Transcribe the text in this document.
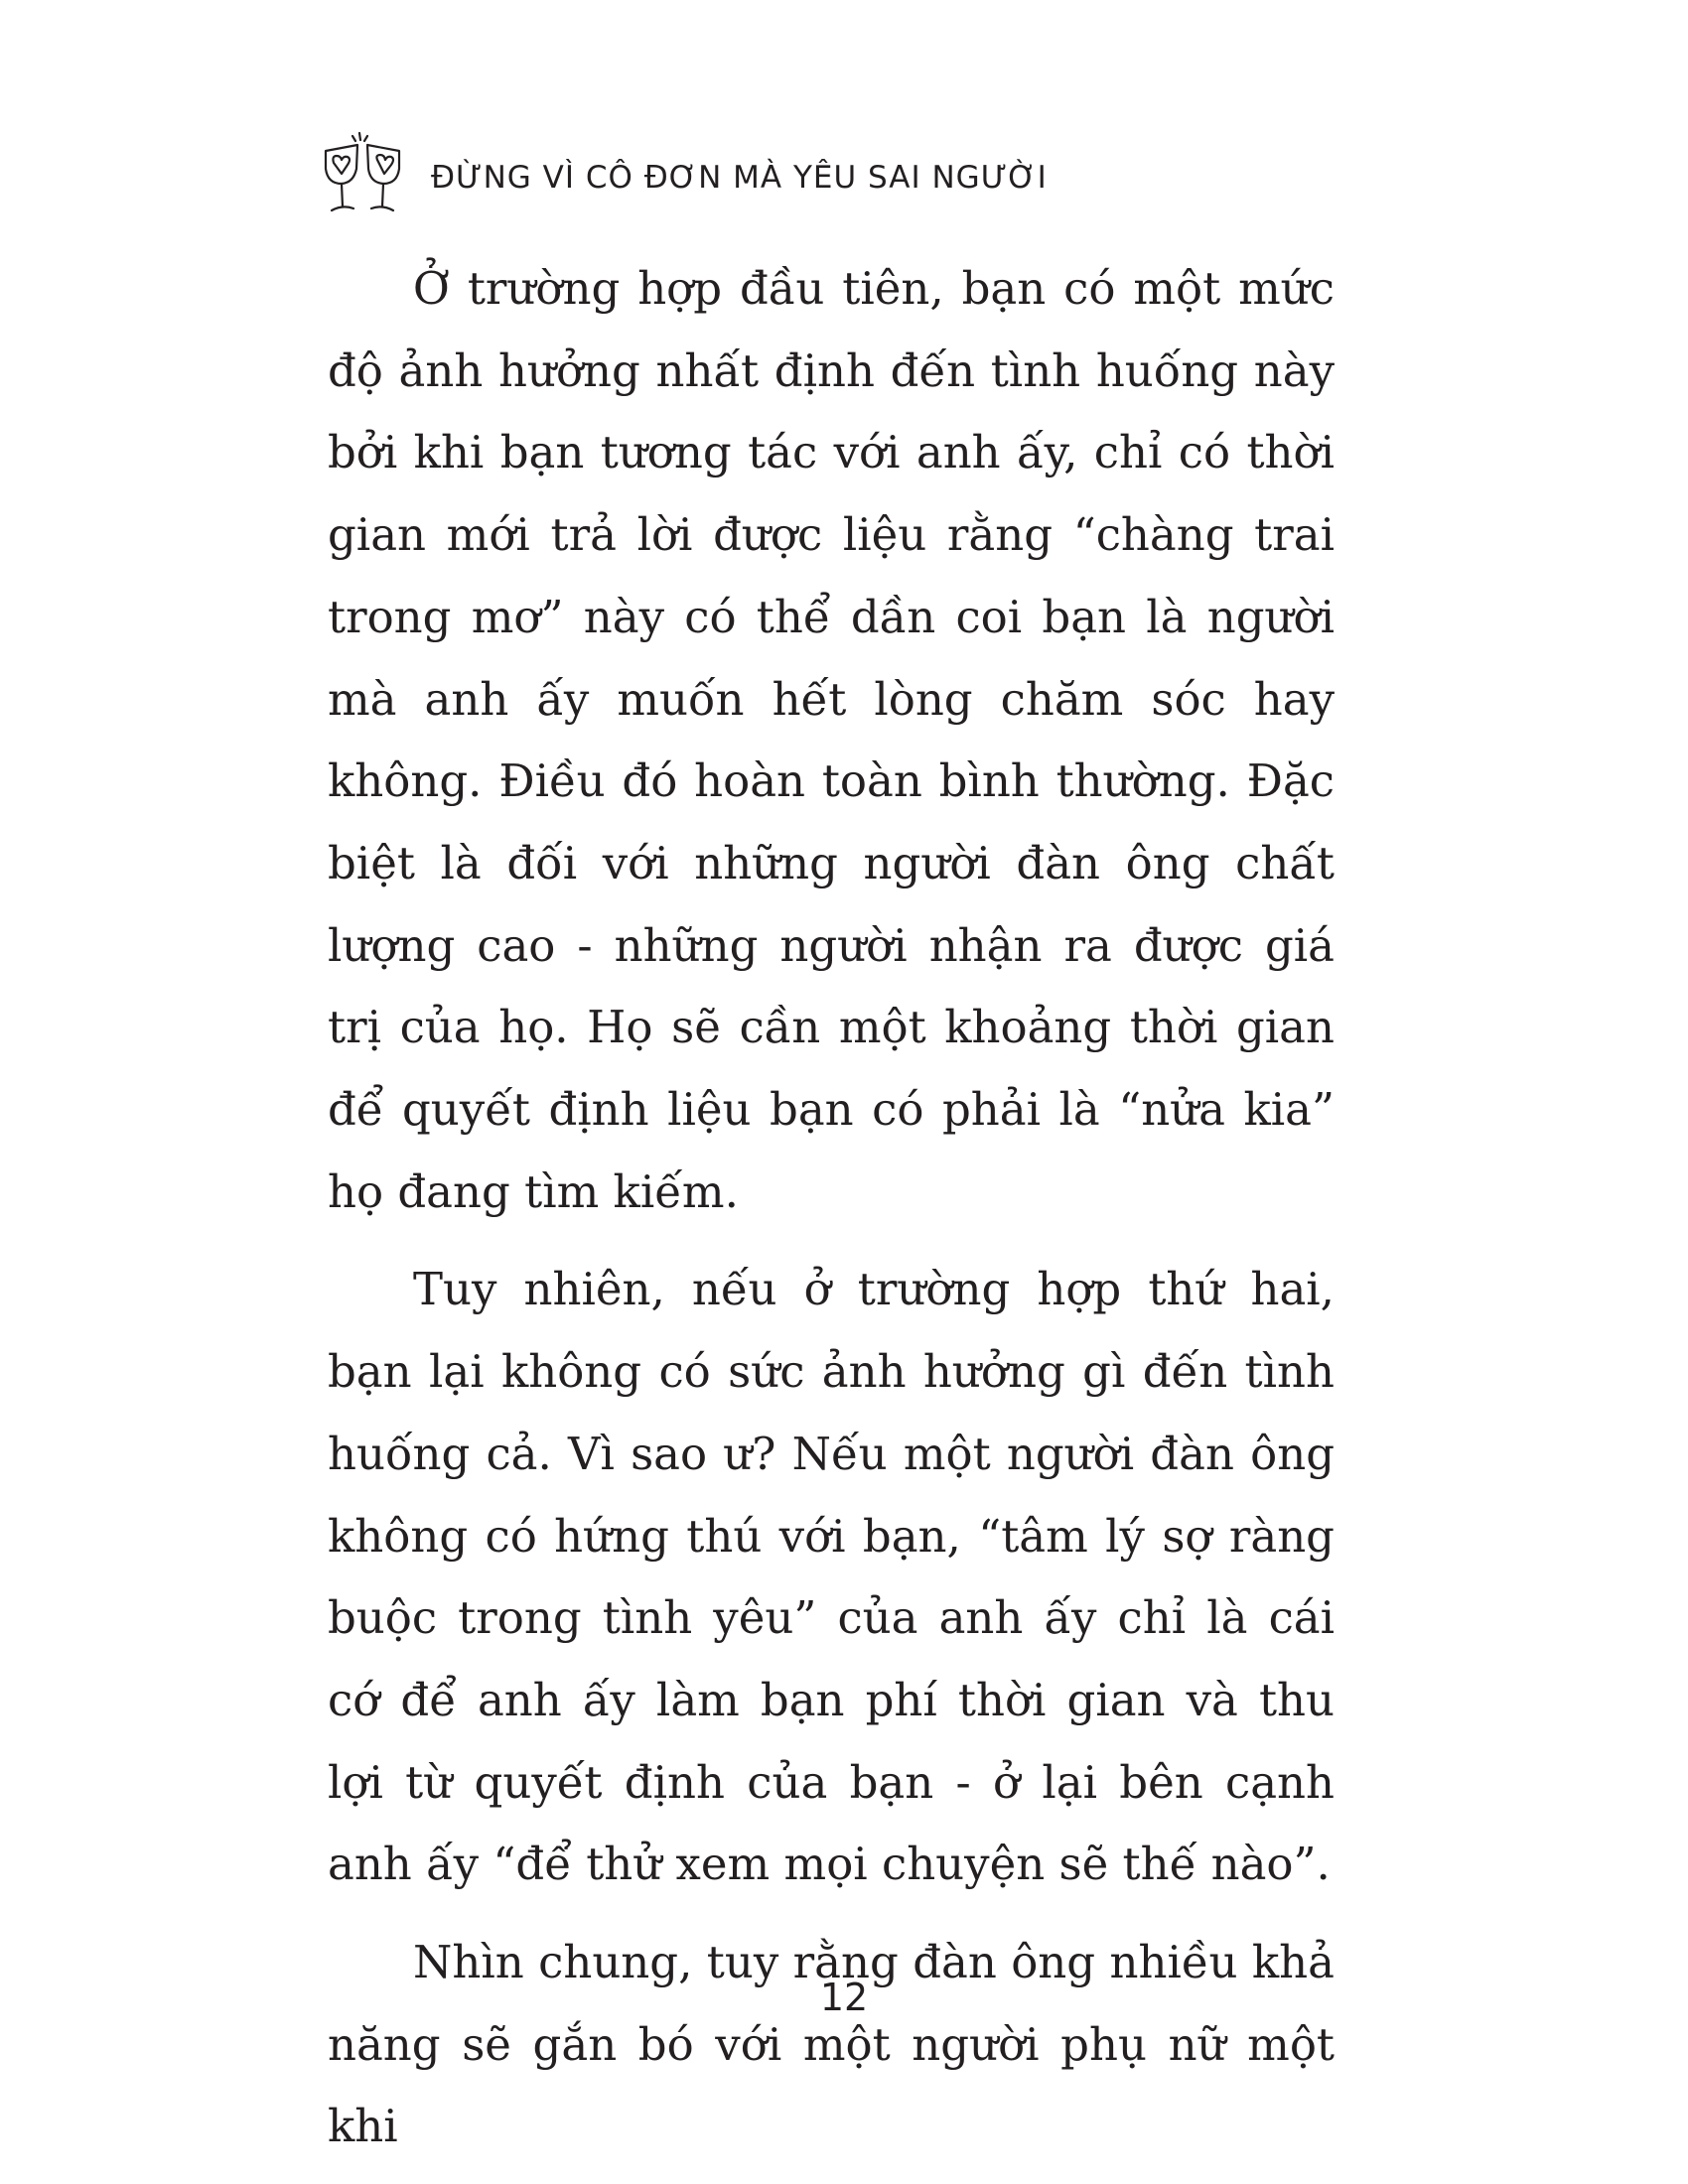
ĐỪNG VÌ CÔ ĐƠN MÀ YÊU SAI NGƯỜI

Ở trường hợp đầu tiên, bạn có một mức độ ảnh hưởng nhất định đến tình huống này bởi khi bạn tương tác với anh ấy, chỉ có thời gian mới trả lời được liệu rằng “chàng trai trong mơ” này có thể dần coi bạn là người mà anh ấy muốn hết lòng chăm sóc hay không. Điều đó hoàn toàn bình thường. Đặc biệt là đối với những người đàn ông chất lượng cao - những người nhận ra được giá trị của họ. Họ sẽ cần một khoảng thời gian để quyết định liệu bạn có phải là “nửa kia” họ đang tìm kiếm.

Tuy nhiên, nếu ở trường hợp thứ hai, bạn lại không có sức ảnh hưởng gì đến tình huống cả. Vì sao ư? Nếu một người đàn ông không có hứng thú với bạn, “tâm lý sợ ràng buộc trong tình yêu” của anh ấy chỉ là cái cớ để anh ấy làm bạn phí thời gian và thu lợi từ quyết định của bạn - ở lại bên cạnh anh ấy “để thử xem mọi chuyện sẽ thế nào”.

Nhìn chung, tuy rằng đàn ông nhiều khả năng sẽ gắn bó với một người phụ nữ một khi

12
